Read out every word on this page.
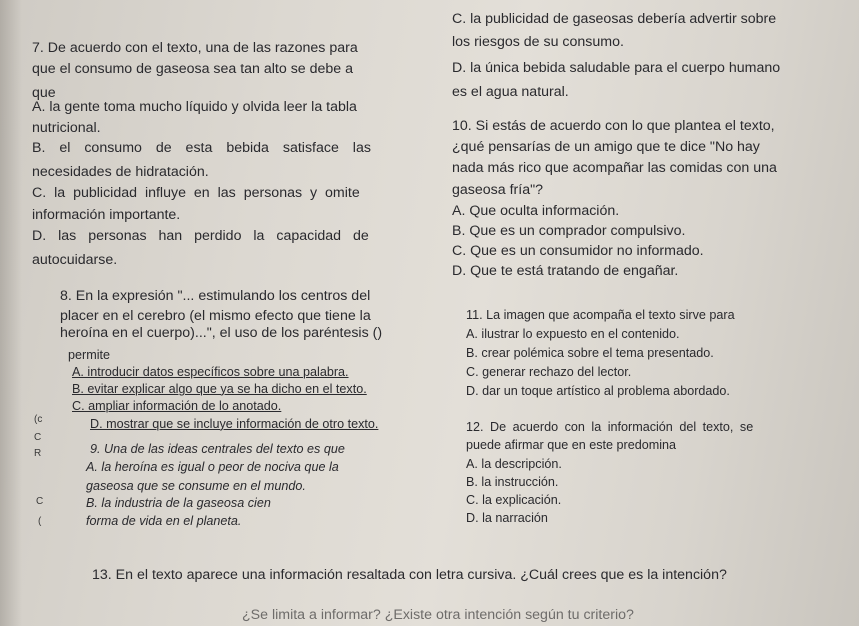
7. De acuerdo con el texto, una de las razones para
que el consumo de gaseosa sea tan alto se debe a
que
A. la gente toma mucho líquido y olvida leer la tabla
nutricional.
B. el consumo de esta bebida satisface las
necesidades de hidratación.
C. la publicidad influye en las personas y omite
información importante.
D. las personas han perdido la capacidad de
autocuidarse.
8. En la expresión "... estimulando los centros del
placer en el cerebro (el mismo efecto que tiene la
heroína en el cuerpo)...", el uso de los paréntesis ()
permite
A. introducir datos específicos sobre una palabra.
B. evitar explicar algo que ya se ha dicho en el texto.
C. ampliar información de lo anotado.
D. mostrar que se incluye información de otro texto.
9. Una de las ideas centrales del texto es que
A. la heroína es igual o peor de nociva que la
gaseosa que se consume en el mundo.
B. la industria de la gaseosa cien
forma de vida en el planeta.
(c
C
R
C
(
C. la publicidad de gaseosas debería advertir sobre
los riesgos de su consumo.
D. la única bebida saludable para el cuerpo humano
es el agua natural.
10. Si estás de acuerdo con lo que plantea el texto,
¿qué pensarías de un amigo que te dice "No hay
nada más rico que acompañar las comidas con una
gaseosa fría"?
A. Que oculta información.
B. Que es un comprador compulsivo.
C. Que es un consumidor no informado.
D. Que te está tratando de engañar.
11. La imagen que acompaña el texto sirve para
A. ilustrar lo expuesto en el contenido.
B. crear polémica sobre el tema presentado.
C. generar rechazo del lector.
D. dar un toque artístico al problema abordado.
12. De acuerdo con la información del texto, se
puede afirmar que en este predomina
A. la descripción.
B. la instrucción.
C. la explicación.
D. la narración
13. En el texto aparece una información resaltada con letra cursiva. ¿Cuál crees que es la intención?
¿Se limita a informar? ¿Existe otra intención según tu criterio?
